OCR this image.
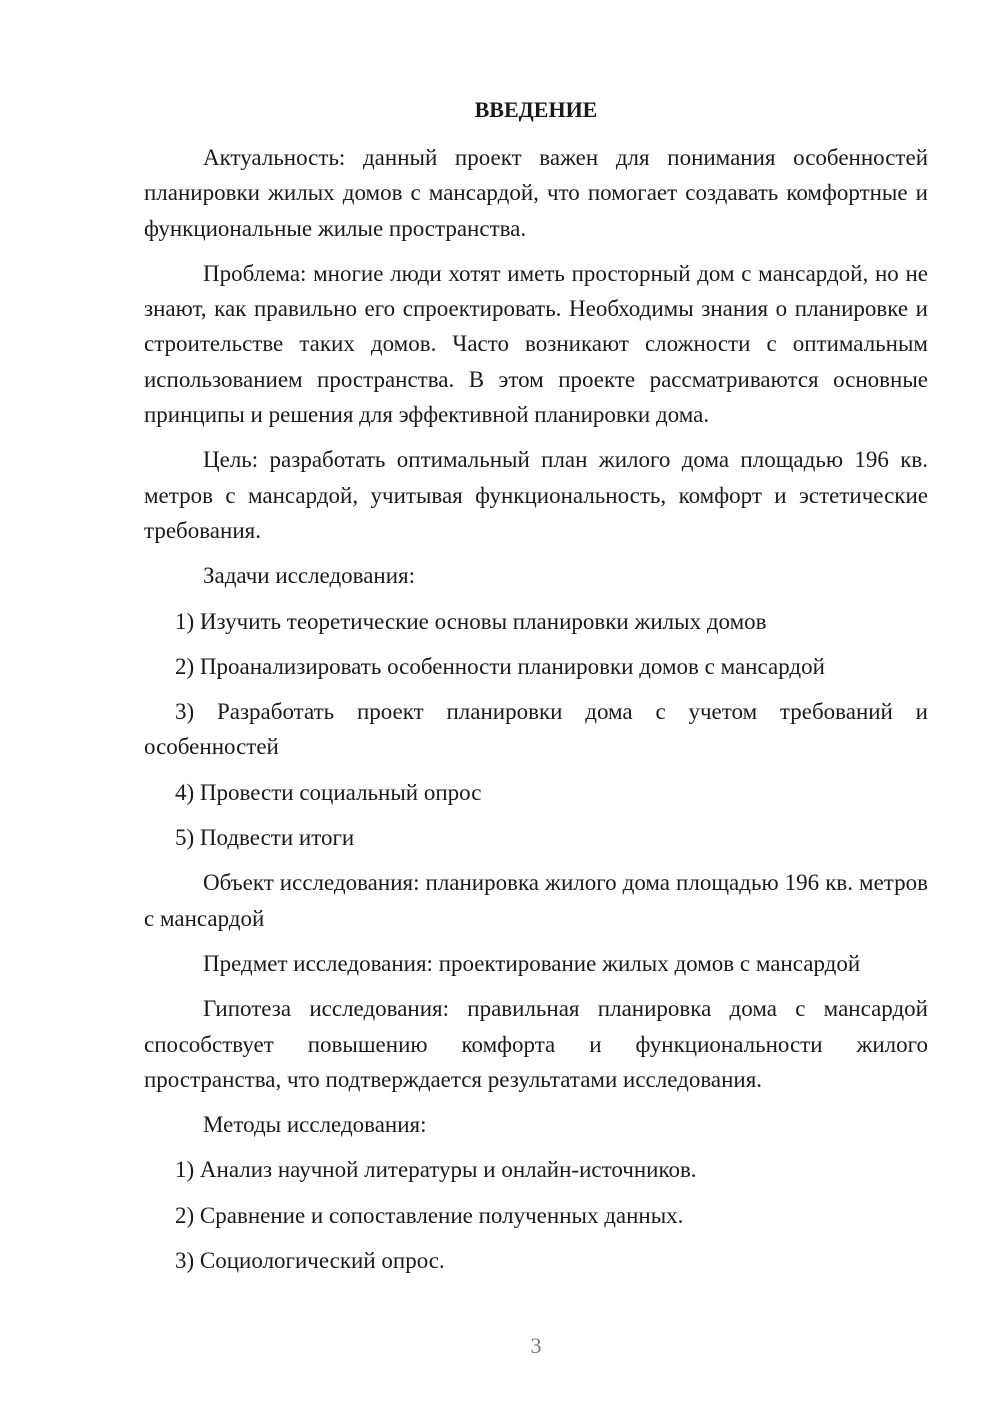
ВВЕДЕНИЕ

Актуальность: данный проект важен для понимания особенностей планировки жилых домов с мансардой, что помогает создавать комфортные и функциональные жилые пространства.

Проблема: многие люди хотят иметь просторный дом с мансардой, но не знают, как правильно его спроектировать. Необходимы знания о планировке и строительстве таких домов. Часто возникают сложности с оптимальным использованием пространства. В этом проекте рассматриваются основные принципы и решения для эффективной планировки дома.

Цель: разработать оптимальный план жилого дома площадью 196 кв. метров с мансардой, учитывая функциональность, комфорт и эстетические требования.

Задачи исследования:

1) Изучить теоретические основы планировки жилых домов

2) Проанализировать особенности планировки домов с мансардой

3) Разработать проект планировки дома с учетом требований и особенностей

4) Провести социальный опрос

5) Подвести итоги

Объект исследования: планировка жилого дома площадью 196 кв. метров с мансардой

Предмет исследования: проектирование жилых домов с мансардой

Гипотеза исследования: правильная планировка дома с мансардой способствует повышению комфорта и функциональности жилого пространства, что подтверждается результатами исследования.

Методы исследования:

1) Анализ научной литературы и онлайн-источников.

2) Сравнение и сопоставление полученных данных.

3) Социологический опрос.

3
